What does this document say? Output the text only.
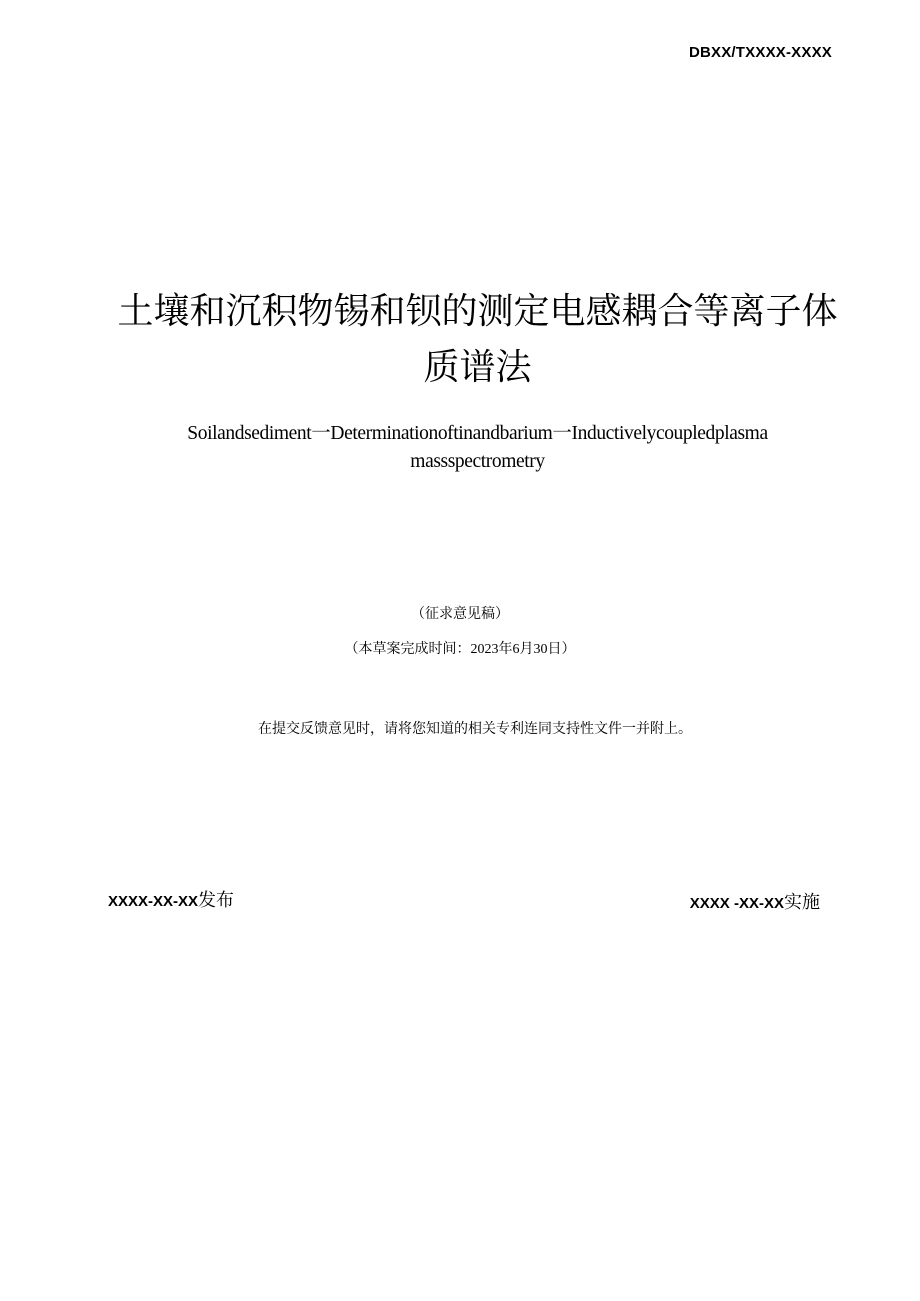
DBXX/TXXXX-XXXX
土壤和沉积物锡和钡的测定电感耦合等离子体质谱法
Soilandsediment一Determinationoftinandbarium一Inductivelycoupledplasma massspectrometry
（征求意见稿）
（本草案完成时间：2023年6月30日）
在提交反馈意见时，请将您知道的相关专利连同支持性文件一并附上。
XXXX-XX-XX发布	XXXX -XX-XX实施
